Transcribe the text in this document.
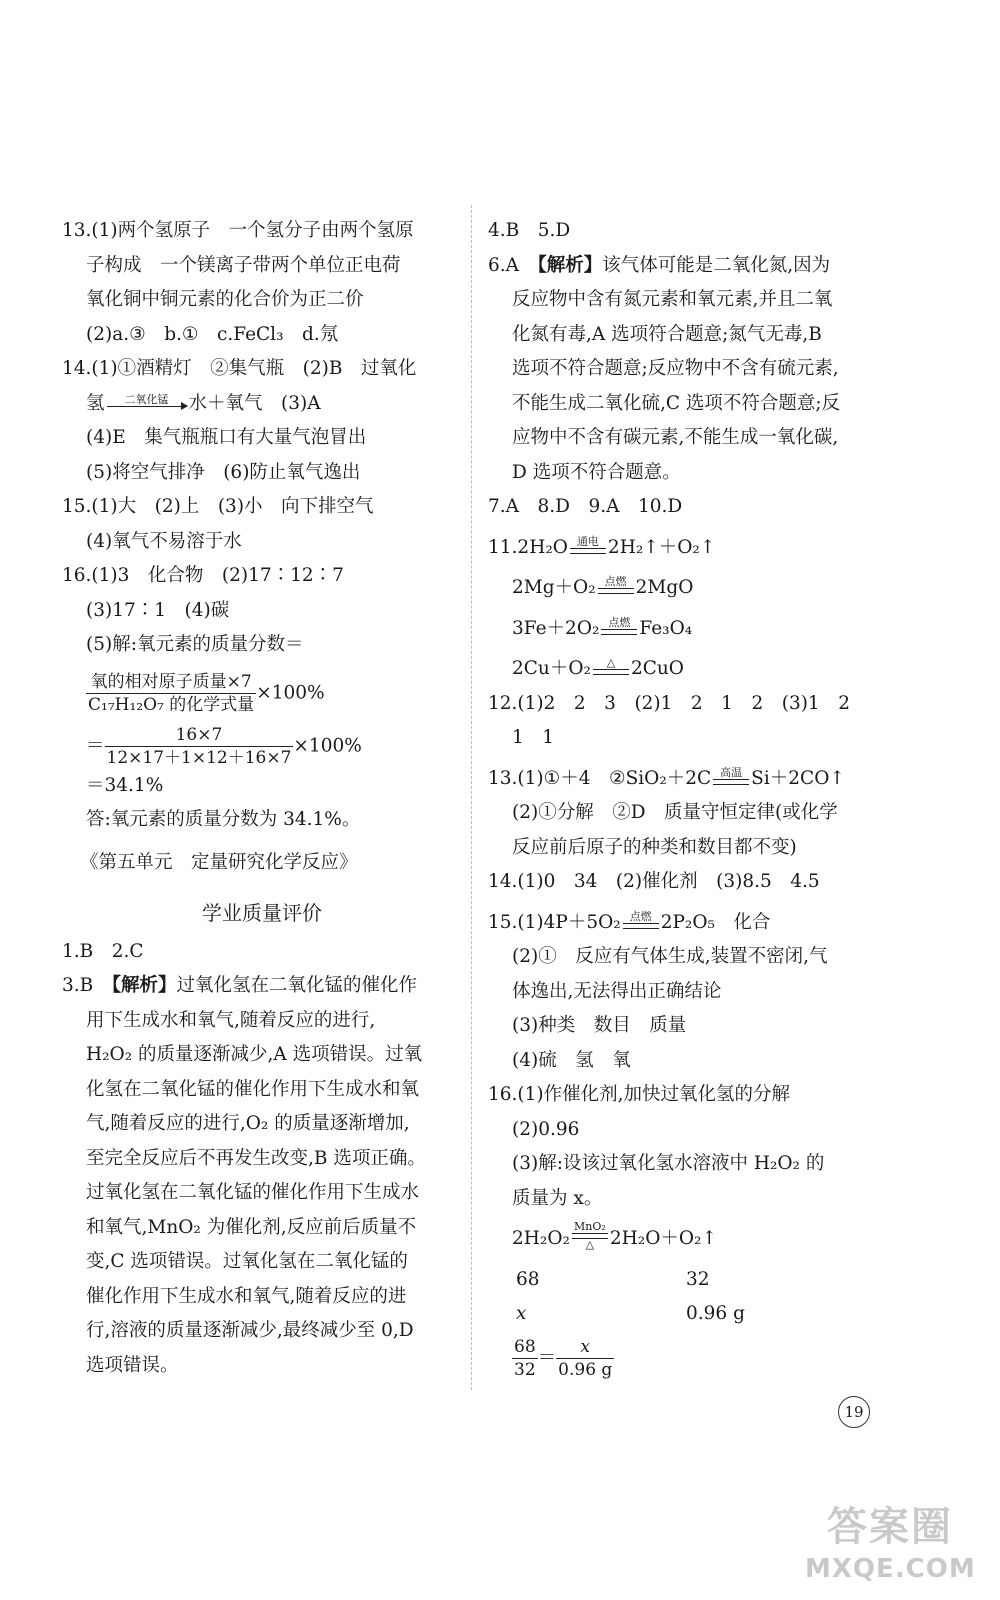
13.(1)两个氢原子　一个氢分子由两个氢原
子构成　一个镁离子带两个单位正电荷
氧化铜中铜元素的化合价为正二价
(2)a.③　b.①　c.FeCl₃　d.氖
14.(1)①酒精灯　②集气瓶　(2)B　过氧化
氢	二氧化锰	水＋氧气　(3)A
(4)E　集气瓶瓶口有大量气泡冒出
(5)将空气排净　(6)防止氧气逸出
15.(1)大　(2)上　(3)小　向下排空气
(4)氧气不易溶于水
16.(1)3　化合物　(2)17∶12∶7
(3)17∶1　(4)碳
(5)解:氧元素的质量分数＝
$\frac{\text{氧的相对原子质量×7}}{\text{C₁₇H₁₂O₇ 的化学式量}} \times 100\%$
＝ $\frac{16\times 7}{12\times 17+1\times 12+16\times 7} \times 100\%$
＝34.1%
答:氧元素的质量分数为 34.1%。
《第五单元　定量研究化学反应》
学业质量评价
1.B　2.C
3.B　 【解析】过氧化氢在二氧化锰的催化作
用下生成水和氧气,随着反应的进行,
H₂O₂ 的质量逐渐减少,A 选项错误。过氧
化氢在二氧化锰的催化作用下生成水和氧
气,随着反应的进行,O₂ 的质量逐渐增加,
至完全反应后不再发生改变,B 选项正确。
过氧化氢在二氧化锰的催化作用下生成水
和氧气,MnO₂ 为催化剂,反应前后质量不
变,C 选项错误。过氧化氢在二氧化锰的
催化作用下生成水和氧气,随着反应的进
行,溶液的质量逐渐减少,最终减少至 0,D
选项错误。
4.B　5.D
6.A　 【解析】该气体可能是二氧化氮,因为
反应物中含有氮元素和氧元素,并且二氧
化氮有毒,A 选项符合题意;氮气无毒,B
选项不符合题意;反应物中不含有硫元素,
不能生成二氧化硫,C 选项不符合题意;反
应物中不含有碳元素,不能生成一氧化碳,
D 选项不符合题意。
7.A　8.D　9.A　10.D
11.2H₂O 通电 2H₂↑＋O₂↑
2Mg＋O₂ 点燃 2MgO
3Fe＋2O₂ 点燃 Fe₃O₄
2Cu＋O₂	△ 2CuO
12.(1)2　2　3　(2)1　2　1　2　(3)1　2
1　1
13.(1)①＋4　②SiO₂＋2C 高温 Si＋2CO↑
(2)①分解　②D　质量守恒定律(或化学
反应前后原子的种类和数目都不变)
14.(1)0　34　(2)催化剂　(3)8.5　4.5
15.(1)4P＋5O₂ 点燃 2P₂O₅　化合
(2)①　反应有气体生成,装置不密闭,气
体逸出,无法得出正确结论
(3)种类　数目　质量
(4)硫　氢　氧
16.(1)作催化剂,加快过氧化氢的分解
(2)0.96
(3)解:设该过氧化氢水溶液中 H₂O₂ 的
质量为 x。
2H₂O₂
MnO₂
△ 2H₂O＋O₂↑
68	32
x	0.96 g
$\frac{68}{32} = \frac{x}{0.96 g}$
19
答案圈
MXQE.COM
